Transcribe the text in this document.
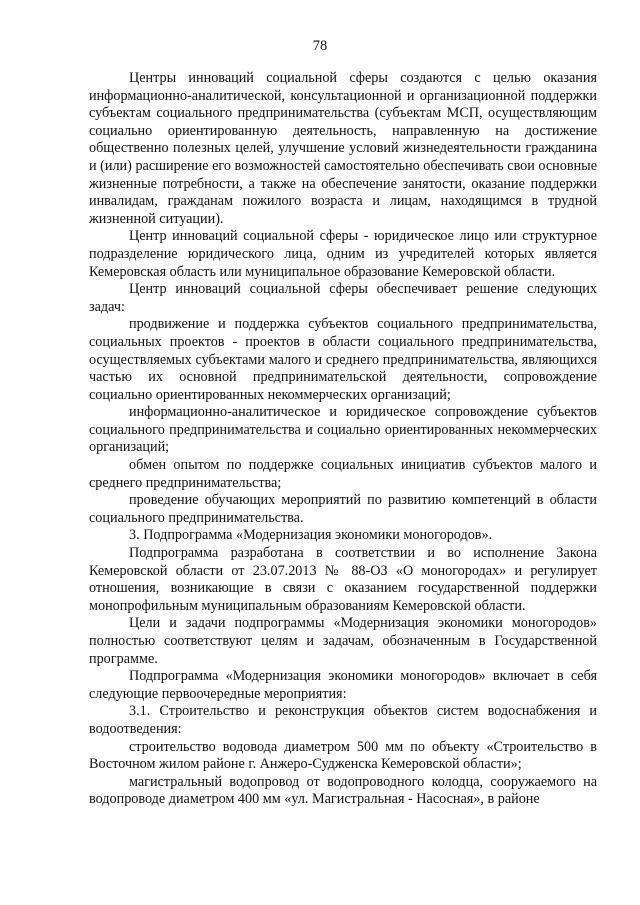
78

Центры инноваций социальной сферы создаются с целью оказания информационно-аналитической, консультационной и организационной поддержки субъектам социального предпринимательства (субъектам МСП, осуществляющим социально ориентированную деятельность, направленную на достижение общественно полезных целей, улучшение условий жизнедеятельности гражданина и (или) расширение его возможностей самостоятельно обеспечивать свои основные жизненные потребности, а также на обеспечение занятости, оказание поддержки инвалидам, гражданам пожилого возраста и лицам, находящимся в трудной жизненной ситуации).

Центр инноваций социальной сферы - юридическое лицо или структурное подразделение юридического лица, одним из учредителей которых является Кемеровская область или муниципальное образование Кемеровской области.

Центр инноваций социальной сферы обеспечивает решение следующих задач:

продвижение и поддержка субъектов социального предпринимательства, социальных проектов - проектов в области социального предпринимательства, осуществляемых субъектами малого и среднего предпринимательства, являющихся частью их основной предпринимательской деятельности, сопровождение социально ориентированных некоммерческих организаций;

информационно-аналитическое и юридическое сопровождение субъектов социального предпринимательства и социально ориентированных некоммерческих организаций;

обмен опытом по поддержке социальных инициатив субъектов малого и среднего предпринимательства;

проведение обучающих мероприятий по развитию компетенций в области социального предпринимательства.

3. Подпрограмма «Модернизация экономики моногородов».

Подпрограмма разработана в соответствии и во исполнение Закона Кемеровской области от 23.07.2013 № 88-ОЗ «О моногородах» и регулирует отношения, возникающие в связи с оказанием государственной поддержки монопрофильным муниципальным образованиям Кемеровской области.

Цели и задачи подпрограммы «Модернизация экономики моногородов» полностью соответствуют целям и задачам, обозначенным в Государственной программе.

Подпрограмма «Модернизация экономики моногородов» включает в себя следующие первоочередные мероприятия:

3.1. Строительство и реконструкция объектов систем водоснабжения и водоотведения:

строительство водовода диаметром 500 мм по объекту «Строительство в Восточном жилом районе г. Анжеро-Судженска Кемеровской области»;

магистральный водопровод от водопроводного колодца, сооружаемого на водопроводе диаметром 400 мм «ул. Магистральная - Насосная», в районе
